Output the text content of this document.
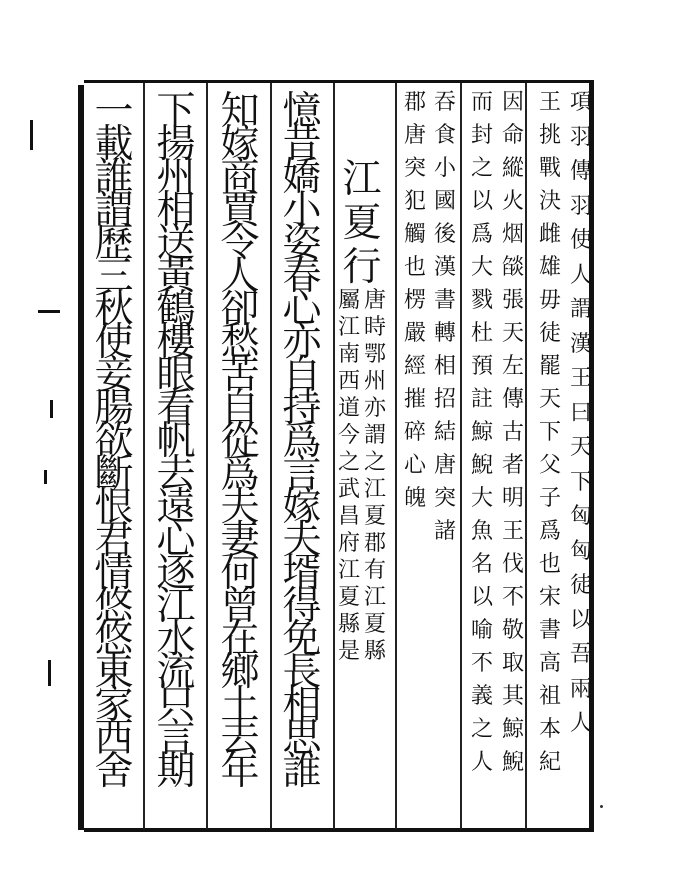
項
羽
傳
羽
使
人
謂
漢
王
曰
天
下
匈
匈
徒
以
吾
兩
人
王
挑
戰
決
雌
雄
毋
徒
罷
天
下
父
子
爲
也
宋
書
高
祖
本
紀
因
命
縱
火
烟
燄
張
天
左
傳
古
者
明
王
伐
不
敬
取
其
鯨
鯢
而
封
之
以
爲
大
戮
杜
預
註
鯨
鯢
大
魚
名
以
喻
不
義
之
人
吞
食
小
國
後
漢
書
轉
相
招
結
唐
突
諸
郡
唐
突
犯
觸
也
楞
嚴
經
摧
碎
心
魄
江
夏
行
唐
時
鄂
州
亦
謂
之
江
夏
郡
有
江
夏
縣
屬
江
南
西
道
今
之
武
昌
府
江
夏
縣
是
憶
昔
嬌
小
姿
春
心
亦
自
持
爲
言
嫁
夫
壻
得
免
長
相
思
誰
知
嫁
商
賈
令
人
卻
愁
苦
自
從
爲
夫
妻
何
曾
在
鄉
土
去
年
下
揚
州
相
送
黃
鶴
樓
眼
看
帆
去
遠
心
逐
江
水
流
只
言
期
一
載
誰
謂
歷
三
秋
使
妾
腸
欲
斷
恨
君
情
悠
悠
東
家
西
舍
